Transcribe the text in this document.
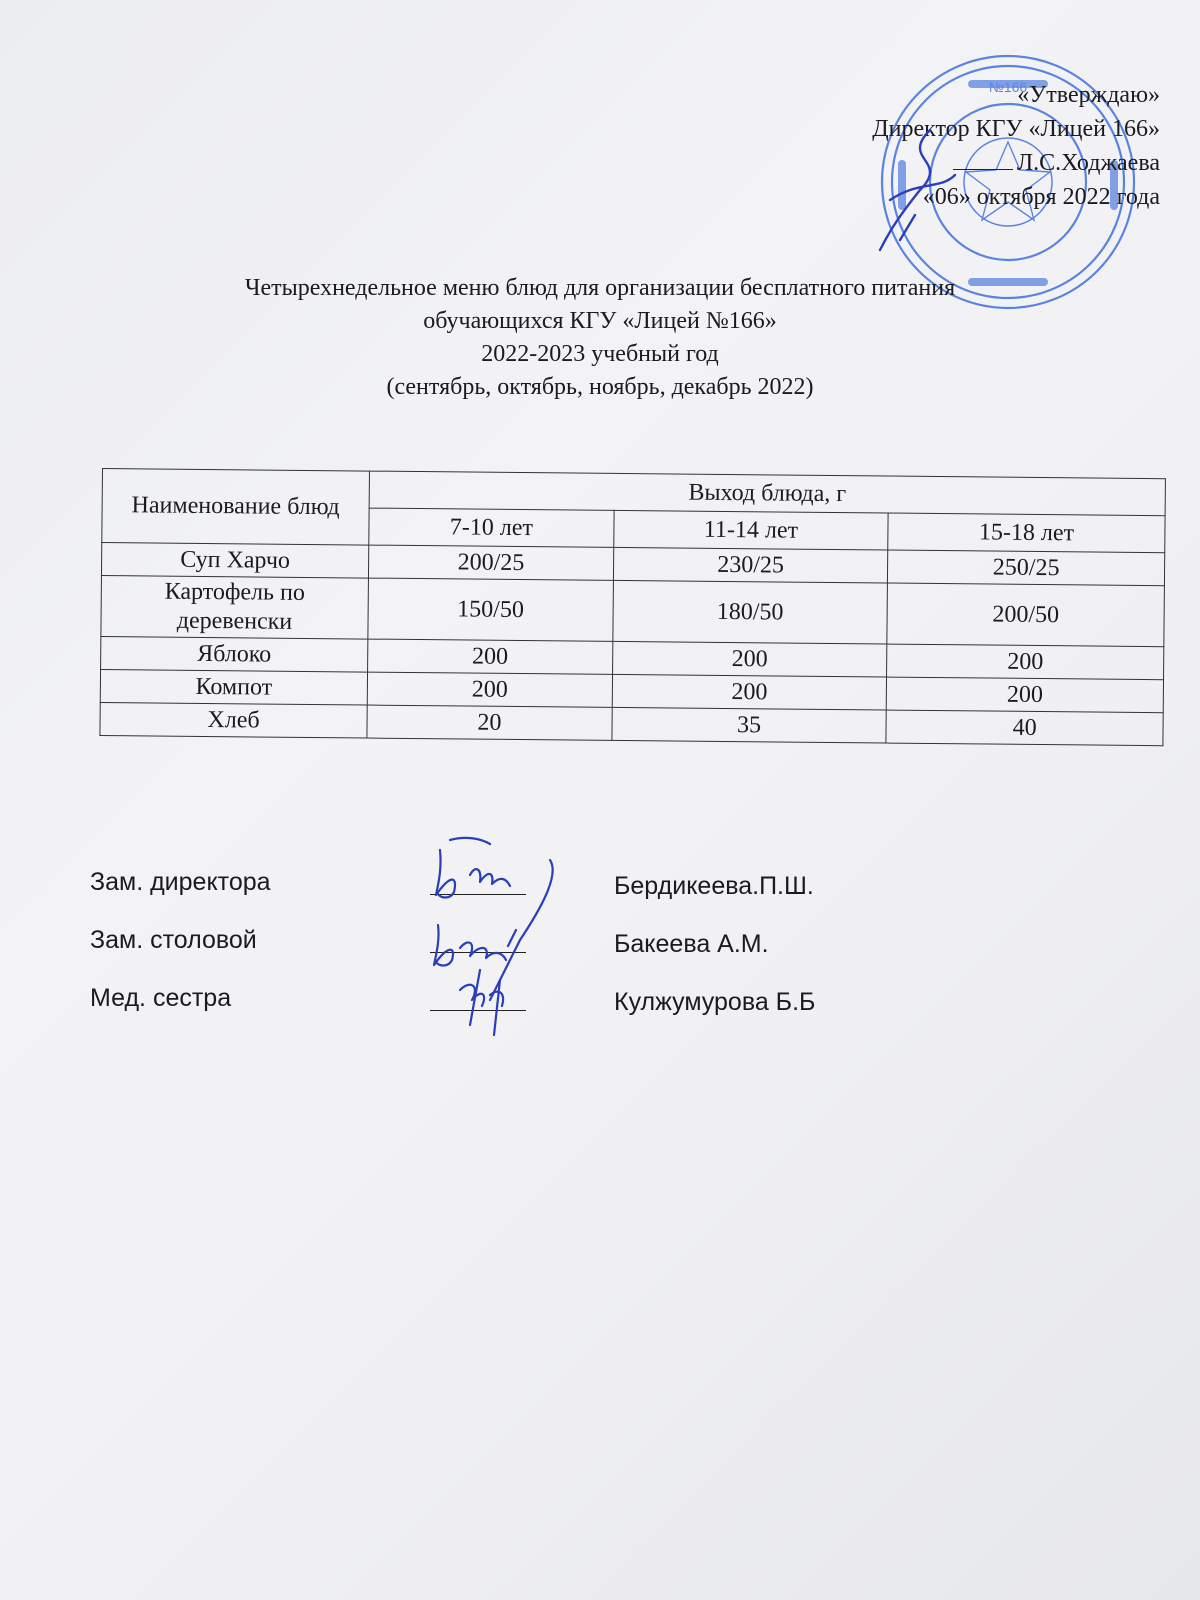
№166
«Утверждаю»
Директор КГУ «Лицей 166»
Л.С.Ходжаева
«06» октября 2022 года
Четырехнедельное меню блюд для организации бесплатного питания
обучающихся КГУ «Лицей №166»
2022-2023 учебный год
(сентябрь, октябрь, ноябрь, декабрь 2022)
Наименование блюд	Выход блюда, г		
	7-10 лет	11-14 лет	15-18 лет
Суп Харчо	200/25	230/25	250/25
Картофель по деревенски	150/50	180/50	200/50
Яблоко	200	200	200
Компот	200	200	200
Хлеб	20	35	40
Зам. директора	Бердикеева.П.Ш.
Зам. столовой	Бакеева А.М.
Мед. сестра	Кулжумурова Б.Б
